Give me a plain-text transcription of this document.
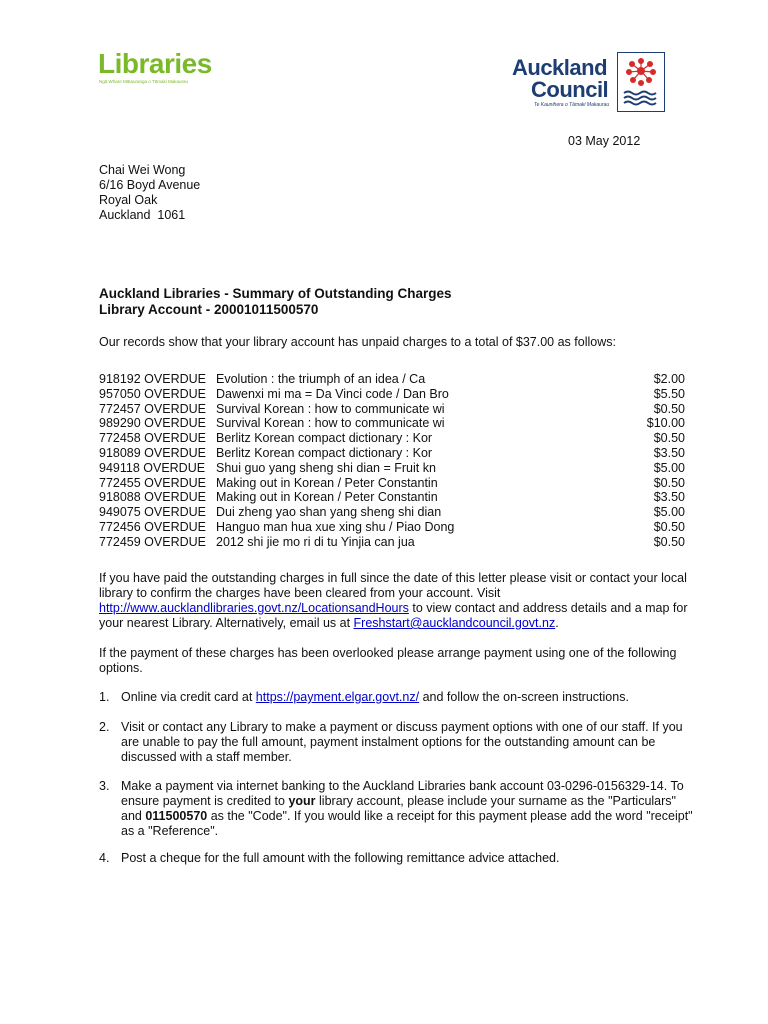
Libraries
Ngā Whare Mātauranga o Tāmaki Makaurau
Auckland
Council
Te Kaunihera o Tāmaki Makaurau
03 May 2012
Chai Wei Wong
6/16 Boyd Avenue
Royal Oak
Auckland  1061
Auckland Libraries - Summary of Outstanding Charges
Library Account - 20001011500570
Our records show that your library account has unpaid charges to a total of $37.00 as follows:
918192 OVERDUE Evolution : the triumph of an idea / Ca	$2.00
957050 OVERDUE Dawenxi mi ma = Da Vinci code / Dan Bro	$5.50
772457 OVERDUE Survival Korean : how to communicate wi	$0.50
989290 OVERDUE Survival Korean : how to communicate wi	$10.00
772458 OVERDUE Berlitz Korean compact dictionary : Kor	$0.50
918089 OVERDUE Berlitz Korean compact dictionary : Kor	$3.50
949118 OVERDUE Shui guo yang sheng shi dian = Fruit kn	$5.00
772455 OVERDUE Making out in Korean / Peter Constantin	$0.50
918088 OVERDUE Making out in Korean / Peter Constantin	$3.50
949075 OVERDUE Dui zheng yao shan yang sheng shi dian	$5.00
772456 OVERDUE Hanguo man hua xue xing shu / Piao Dong	$0.50
772459 OVERDUE 2012 shi jie mo ri di tu Yinjia can jua	$0.50
If you have paid the outstanding charges in full since the date of this letter please visit or contact your local library to confirm the charges have been cleared from your account. Visit http://www.aucklandlibraries.govt.nz/LocationsandHours to view contact and address details and a map for your nearest Library. Alternatively, email us at Freshstart@aucklandcouncil.govt.nz.
If the payment of these charges has been overlooked please arrange payment using one of the following options.
1. Online via credit card at https://payment.elgar.govt.nz/ and follow the on-screen instructions.
2. Visit or contact any Library to make a payment or discuss payment options with one of our staff. If you are unable to pay the full amount, payment instalment options for the outstanding amount can be discussed with a staff member.
3. Make a payment via internet banking to the Auckland Libraries bank account 03-0296-0156329-14. To ensure payment is credited to your library account, please include your surname as the "Particulars" and 011500570 as the "Code". If you would like a receipt for this payment please add the word "receipt" as a "Reference".
4. Post a cheque for the full amount with the following remittance advice attached.
